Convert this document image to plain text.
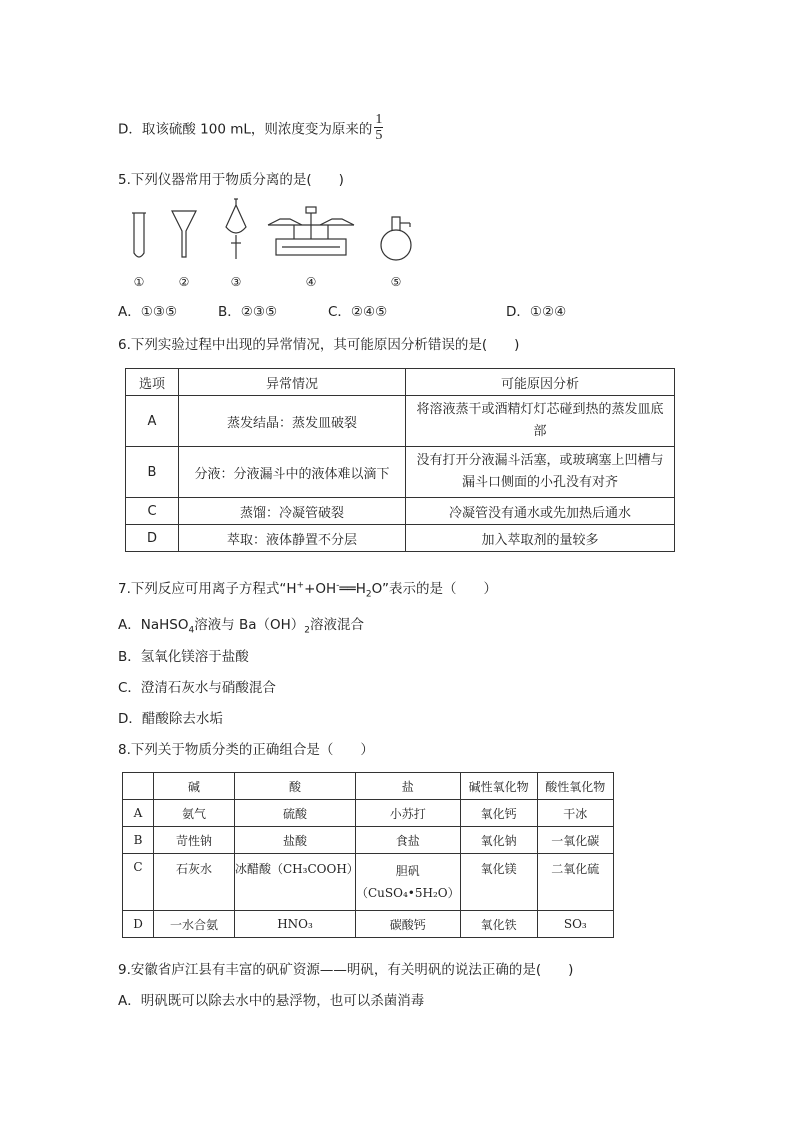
D．取该硫酸 100 mL，则浓度变为原来的 $\frac{1}{5}$
5.下列仪器常用于物质分离的是(　　)
①	②	③	④	⑤
A．①③⑤	B．②③⑤	C．②④⑤	D．①②④
6.下列实验过程中出现的异常情况，其可能原因分析错误的是(　　)
选项	异常情况	可能原因分析
A	蒸发结晶：蒸发皿破裂	将溶液蒸干或酒精灯灯芯碰到热的蒸发皿底
部

B	分液：分液漏斗中的液体难以滴下	没有打开分液漏斗活塞，或玻璃塞上凹槽与
漏斗口侧面的小孔没有对齐

C	蒸馏：冷凝管破裂	冷凝管没有通水或先加热后通水
D	萃取：液体静置不分层	加入萃取剂的量较多
7.下列反应可用离子方程式“$H^++OH^-══H_2O$”表示的是（　　）
A．NaHSO$_4$溶液与 $Ba(OH)_2$溶液混合
B．氢氧化镁溶于盐酸
C．澄清石灰水与硝酸混合
D．醋酸除去水垢
8.下列关于物质分类的正确组合是（　　）
	碱	酸	盐	碱性氧化物	酸性氧化物
A	氨气	硫酸	小苏打	氧化钙	干冰
B	苛性钠	盐酸	食盐	氧化钠	一氧化碳
C	石灰水	冰醋酸（CH₃COOH）	胆矾
（CuSO₄•5H₂O）	氧化镁	二氧化硫
D	一水合氨	HNO₃	碳酸钙	氧化铁	SO₃
9.安徽省庐江县有丰富的矾矿资源——明矾，有关明矾的说法正确的是(　　)
A．明矾既可以除去水中的悬浮物，也可以杀菌消毒
